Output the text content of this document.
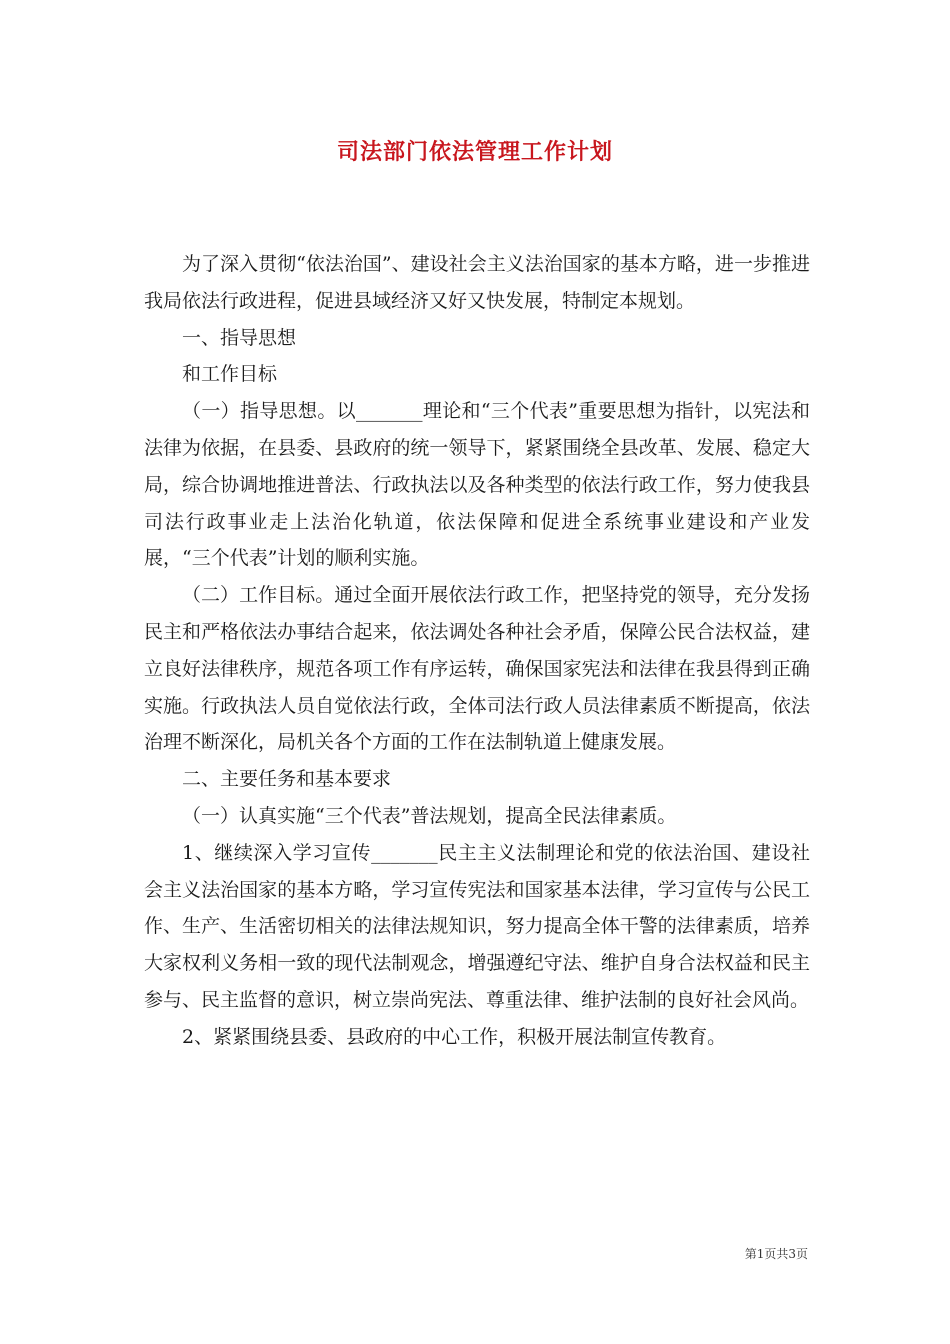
司法部门依法管理工作计划

为了深入贯彻“依法治国”、建设社会主义法治国家的基本方略，进一步推进我局依法行政进程，促进县域经济又好又快发展，特制定本规划。

一、指导思想

和工作目标

（一）指导思想。以_______理论和“三个代表”重要思想为指针，以宪法和法律为依据，在县委、县政府的统一领导下，紧紧围绕全县改革、发展、稳定大局，综合协调地推进普法、行政执法以及各种类型的依法行政工作，努力使我县司法行政事业走上法治化轨道，依法保障和促进全系统事业建设和产业发展，“三个代表”计划的顺利实施。

（二）工作目标。通过全面开展依法行政工作，把坚持党的领导，充分发扬民主和严格依法办事结合起来，依法调处各种社会矛盾，保障公民合法权益，建立良好法律秩序，规范各项工作有序运转，确保国家宪法和法律在我县得到正确实施。行政执法人员自觉依法行政，全体司法行政人员法律素质不断提高，依法治理不断深化，局机关各个方面的工作在法制轨道上健康发展。

二、主要任务和基本要求

（一）认真实施“三个代表”普法规划，提高全民法律素质。

1、继续深入学习宣传_______民主主义法制理论和党的依法治国、建设社会主义法治国家的基本方略，学习宣传宪法和国家基本法律，学习宣传与公民工作、生产、生活密切相关的法律法规知识，努力提高全体干警的法律素质，培养大家权利义务相一致的现代法制观念，增强遵纪守法、维护自身合法权益和民主参与、民主监督的意识，树立崇尚宪法、尊重法律、维护法制的良好社会风尚。

2、紧紧围绕县委、县政府的中心工作，积极开展法制宣传教育。

第1页共3页
